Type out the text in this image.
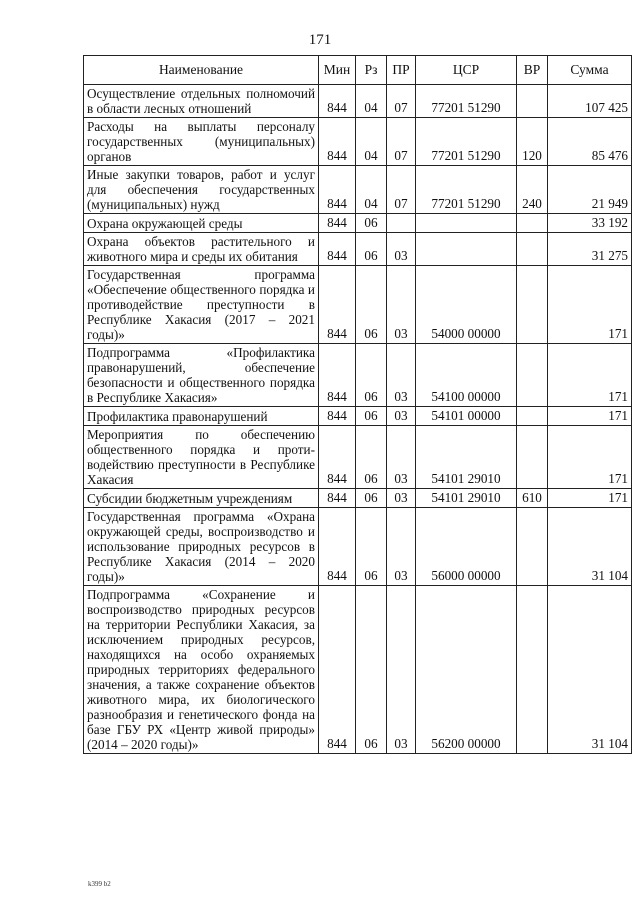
171
Наименование	Мин	Рз	ПР	ЦСР	ВР	Сумма
Осуществление отдельных полномочий в области лесных отношений	844	04	07	77201 51290		107 425
Расходы на выплаты персоналу государственных (муниципальных) органов	844	04	07	77201 51290	120	85 476
Иные закупки товаров, работ и услуг для обеспечения государственных (муниципальных) нужд	844	04	07	77201 51290	240	21 949
Охрана окружающей среды	844	06				33 192
Охрана объектов растительного и животного мира и среды их обитания	844	06	03			31 275
Государственная программа «Обеспечение общественного порядка и противодействие преступности в Республике Хакасия (2017 – 2021 годы)»	844	06	03	54000 00000		171
Подпрограмма «Профилактика правонарушений, обеспечение безопасности и общественного порядка в Республике Хакасия»	844	06	03	54100 00000		171
Профилактика правонарушений	844	06	03	54101 00000		171
Мероприятия по обеспечению общественного порядка и противодействию преступности в Республике Хакасия	844	06	03	54101 29010		171
Субсидии бюджетным учреждениям	844	06	03	54101 29010	610	171
Государственная программа «Охрана окружающей среды, воспроизводство и использование природных ресурсов в Республике Хакасия (2014 – 2020 годы)»	844	06	03	56000 00000		31 104
Подпрограмма «Сохранение и воспроизводство природных ресурсов на территории Республики Хакасия, за исключением природных ресурсов, находящихся на особо охраняемых природных территориях федерального значения, а также сохранение объектов животного мира, их биологического разнообразия и генетического фонда на базе ГБУ РХ «Центр живой природы» (2014 – 2020 годы)»	844	06	03	56200 00000		31 104
k399 b2
